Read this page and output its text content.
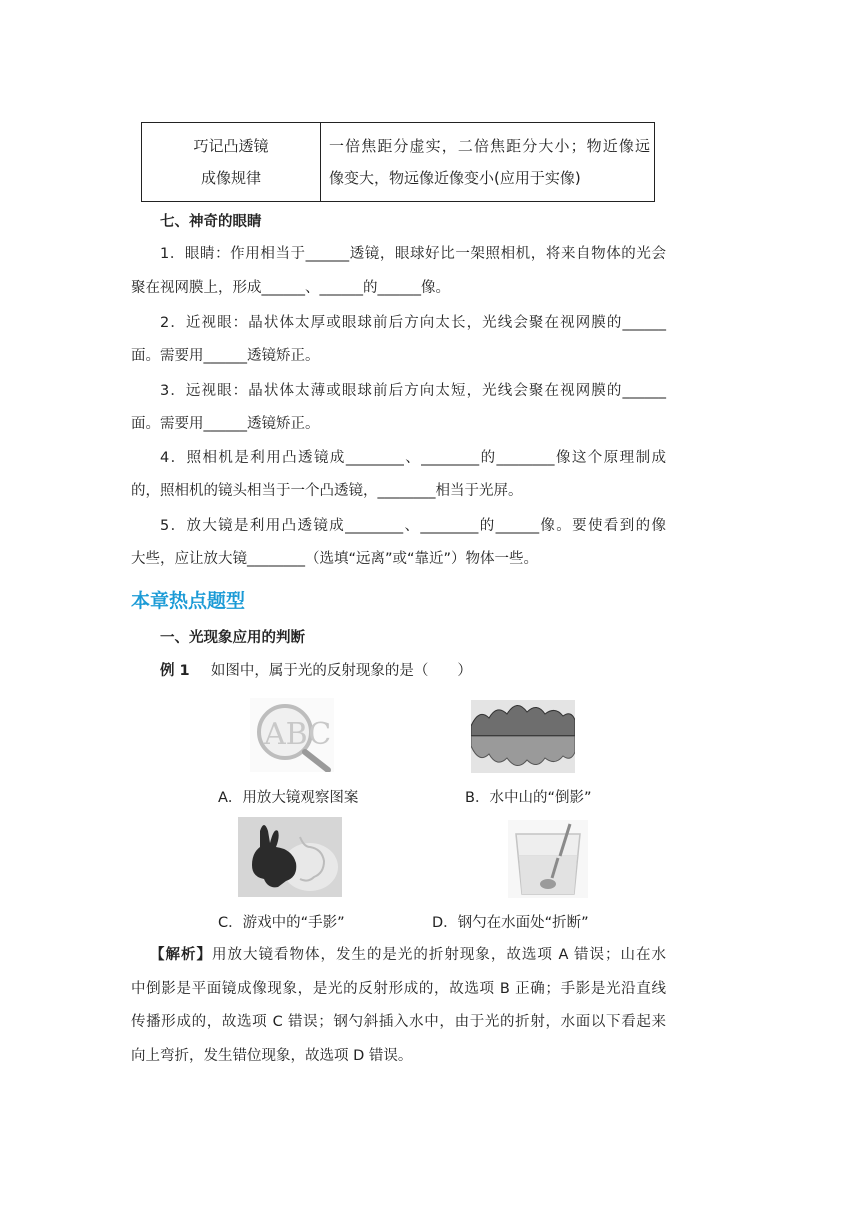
巧记凸透镜
成像规律

一倍焦距分虚实，二倍焦距分大小；物近像远
像变大，物远像近像变小(应用于实像)
七、神奇的眼睛
1．眼睛：作用相当于______透镜，眼球好比一架照相机，将来自物体的光会
聚在视网膜上，形成______、______的______像。
2．近视眼：晶状体太厚或眼球前后方向太长，光线会聚在视网膜的______
面。需要用______透镜矫正。
3．远视眼：晶状体太薄或眼球前后方向太短，光线会聚在视网膜的______
面。需要用______透镜矫正。
4．照相机是利用凸透镜成________、________的________像这个原理制成
的，照相机的镜头相当于一个凸透镜，________相当于光屏。
5．放大镜是利用凸透镜成________、________的______像。要使看到的像
大些，应让放大镜________（选填“远离”或“靠近”）物体一些。
本章热点题型
一、光现象应用的判断
例 1 如图中，属于光的反射现象的是（　　）
ABC
A．用放大镜观察图案	B．水中山的“倒影”
C．游戏中的“手影”	D．钢勺在水面处“折断”
【解析】用放大镜看物体，发生的是光的折射现象，故选项 A 错误；山在水
中倒影是平面镜成像现象，是光的反射形成的，故选项 B 正确；手影是光沿直线
传播形成的，故选项 C 错误；钢勺斜插入水中，由于光的折射，水面以下看起来
向上弯折，发生错位现象，故选项 D 错误。
